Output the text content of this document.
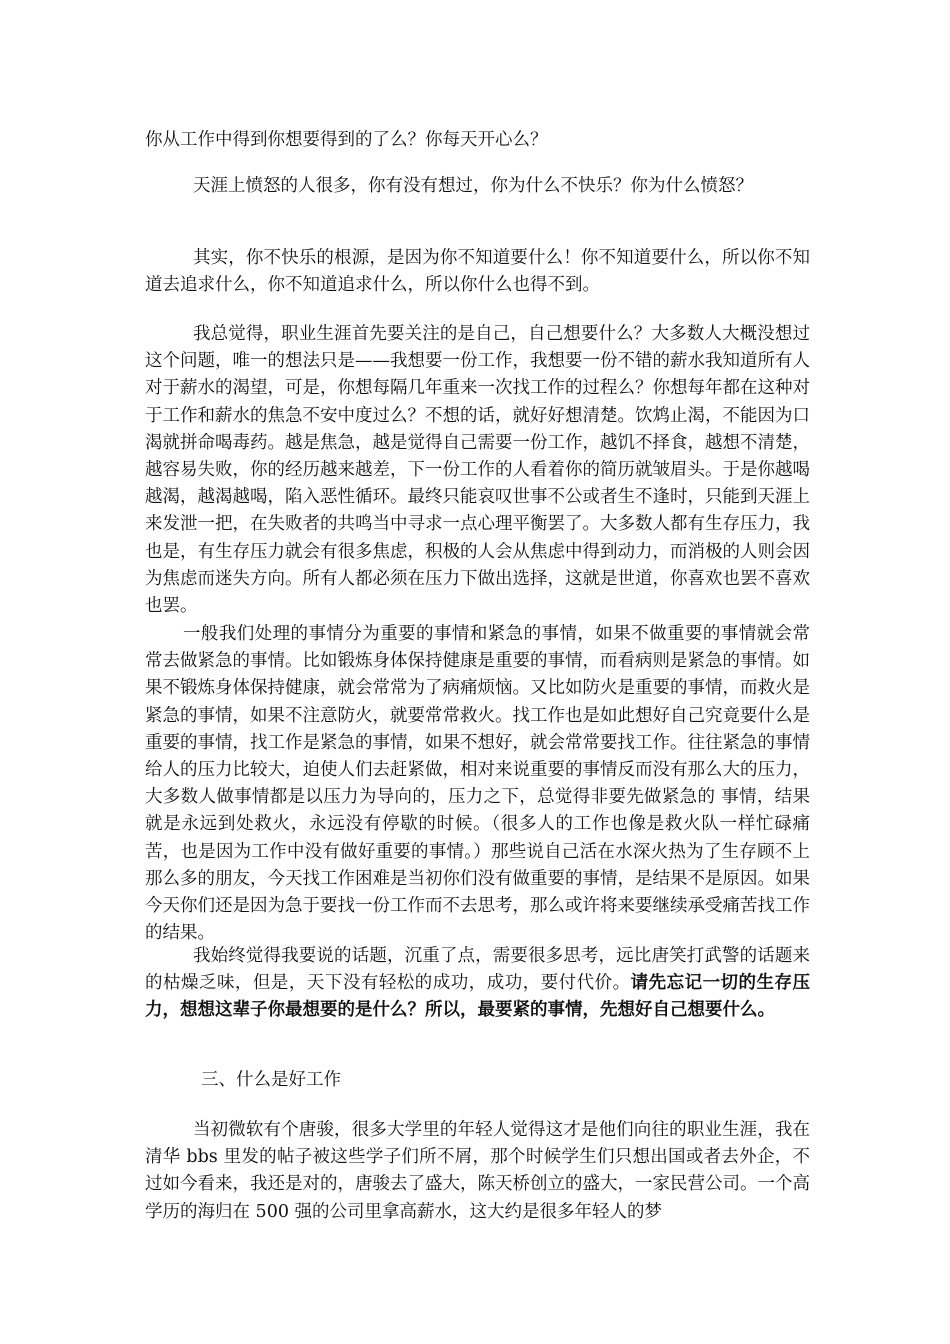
你从工作中得到你想要得到的了么？你每天开心么？

天涯上愤怒的人很多，你有没有想过，你为什么不快乐？你为什么愤怒？

其实，你不快乐的根源，是因为你不知道要什么！你不知道要什么，所以你不知道去追求什么，你不知道追求什么，所以你什么也得不到。

我总觉得，职业生涯首先要关注的是自己，自己想要什么？大多数人大概没想过这个问题，唯一的想法只是——我想要一份工作，我想要一份不错的薪水我知道所有人对于薪水的渴望，可是，你想每隔几年重来一次找工作的过程么？你想每年都在这种对于工作和薪水的焦急不安中度过么？不想的话，就好好想清楚。饮鸩止渴，不能因为口渴就拼命喝毒药。越是焦急，越是觉得自己需要一份工作，越饥不择食，越想不清楚，越容易失败，你的经历越来越差，下一份工作的人看着你的简历就皱眉头。于是你越喝越渴，越渴越喝，陷入恶性循环。最终只能哀叹世事不公或者生不逢时，只能到天涯上来发泄一把，在失败者的共鸣当中寻求一点心理平衡罢了。大多数人都有生存压力，我也是，有生存压力就会有很多焦虑，积极的人会从焦虑中得到动力，而消极的人则会因为焦虑而迷失方向。所有人都必须在压力下做出选择，这就是世道，你喜欢也罢不喜欢也罢。

一般我们处理的事情分为重要的事情和紧急的事情，如果不做重要的事情就会常常去做紧急的事情。比如锻炼身体保持健康是重要的事情，而看病则是紧急的事情。如果不锻炼身体保持健康，就会常常为了病痛烦恼。又比如防火是重要的事情，而救火是紧急的事情，如果不注意防火，就要常常救火。找工作也是如此想好自己究竟要什么是重要的事情，找工作是紧急的事情，如果不想好，就会常常要找工作。往往紧急的事情给人的压力比较大，迫使人们去赶紧做，相对来说重要的事情反而没有那么大的压力，大多数人做事情都是以压力为导向的，压力之下，总觉得非要先做紧急的 事情，结果就是永远到处救火，永远没有停歇的时候。（很多人的工作也像是救火队一样忙碌痛苦，也是因为工作中没有做好重要的事情。）那些说自己活在水深火热为了生存顾不上那么多的朋友，今天找工作困难是当初你们没有做重要的事情，是结果不是原因。如果今天你们还是因为急于要找一份工作而不去思考，那么或许将来要继续承受痛苦找工作的结果。

我始终觉得我要说的话题，沉重了点，需要很多思考，远比唐笑打武警的话题来的枯燥乏味，但是，天下没有轻松的成功，成功，要付代价。请先忘记一切的生存压力，想想这辈子你最想要的是什么？所以，最要紧的事情，先想好自己想要什么。

三、什么是好工作

当初微软有个唐骏，很多大学里的年轻人觉得这才是他们向往的职业生涯，我在清华 bbs 里发的帖子被这些学子们所不屑，那个时候学生们只想出国或者去外企，不过如今看来，我还是对的，唐骏去了盛大，陈天桥创立的盛大，一家民营公司。一个高学历的海归在 500 强的公司里拿高薪水，这大约是很多年轻人的梦
